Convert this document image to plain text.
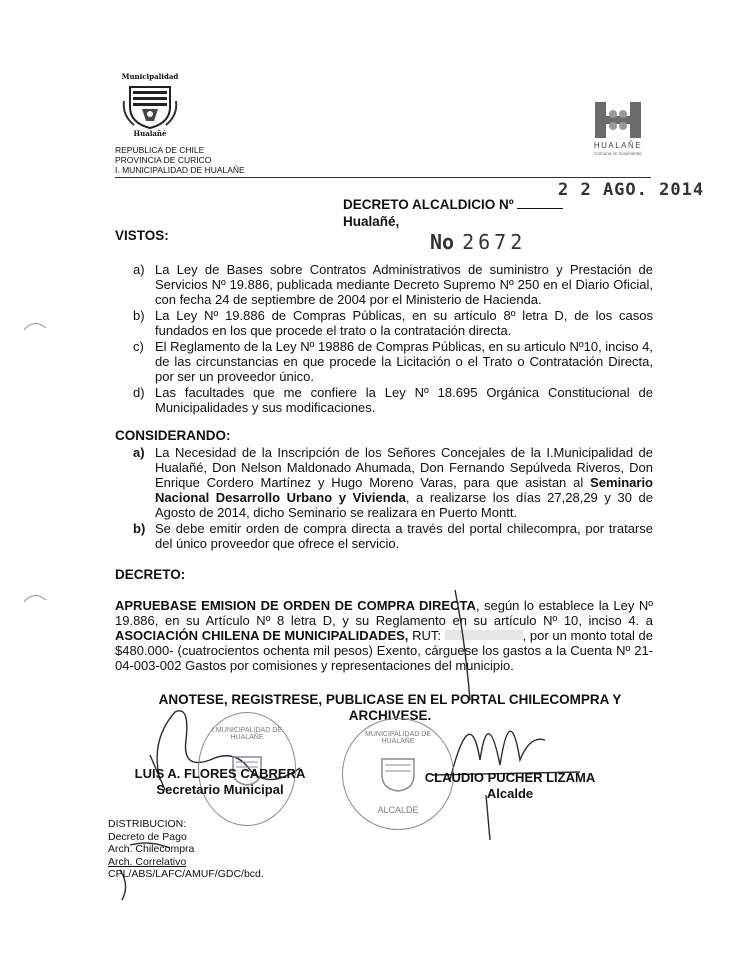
Municipalidad
Hualañé
REPUBLICA DE CHILE
PROVINCIA DE CURICO
I. MUNICIPALIDAD DE HUALAÑE
HUALAÑE
Comuna en movimiento
2 2 AGO. 2014
DECRETO ALCALDICIO Nº
Hualañé,
VISTOS:	No 2672
a) La Ley de Bases sobre Contratos Administrativos de suministro y Prestación de Servicios Nº 19.886, publicada mediante Decreto Supremo Nº 250 en el Diario Oficial, con fecha 24 de septiembre de 2004 por el Ministerio de Hacienda.
b) La Ley Nº 19.886 de Compras Públicas, en su artículo 8º letra D, de los casos fundados en los que procede el trato o la contratación directa.
c) El Reglamento de la Ley Nº 19886 de Compras Públicas, en su articulo Nº10, inciso 4, de las circunstancias en que procede la Licitación o el Trato o Contratación Directa, por ser un proveedor único.
d) Las facultades que me confiere la Ley Nº 18.695 Orgánica Constitucional de Municipalidades y sus modificaciones.
CONSIDERANDO:
a) La Necesidad de la Inscripción de los Señores Concejales de la I.Municipalidad de Hualañé, Don Nelson Maldonado Ahumada, Don Fernando Sepúlveda Riveros, Don Enrique Cordero Martínez y Hugo Moreno Varas, para que asistan al Seminario Nacional Desarrollo Urbano y Vivienda, a realizarse los días 27,28,29 y 30 de Agosto de 2014, dicho Seminario se realizara en Puerto Montt.
b) Se debe emitir orden de compra directa a través del portal chilecompra, por tratarse del único proveedor que ofrece el servicio.
DECRETO:
APRUEBASE EMISION DE ORDEN DE COMPRA DIRECTA, según lo establece la Ley Nº 19.886, en su Artículo Nº 8 letra D, y su Reglamento en su artículo Nº 10, inciso 4. a ASOCIACIÓN CHILENA DE MUNICIPALIDADES, RUT:	, por un monto total de $480.000- (cuatrocientos ochenta mil pesos) Exento, cárguese los gastos a la Cuenta Nº 21-04-003-002 Gastos por comisiones y representaciones del municipio.
ANOTESE, REGISTRESE, PUBLICASE EN EL PORTAL CHILECOMPRA Y
ARCHIVESE.
I.MUNICIPALIDAD DE HUALAÑE	MUNICIPALIDAD DE HUALAÑE
ALCALDE
LUIS A. FLORES CABRERA
Secretario Municipal
CLAUDIO PUCHER LIZAMA
Alcalde
DISTRIBUCION:
Decreto de Pago
Arch. Chilecompra
Arch. Correlativo
CPL/ABS/LAFC/AMUF/GDC/bcd.
